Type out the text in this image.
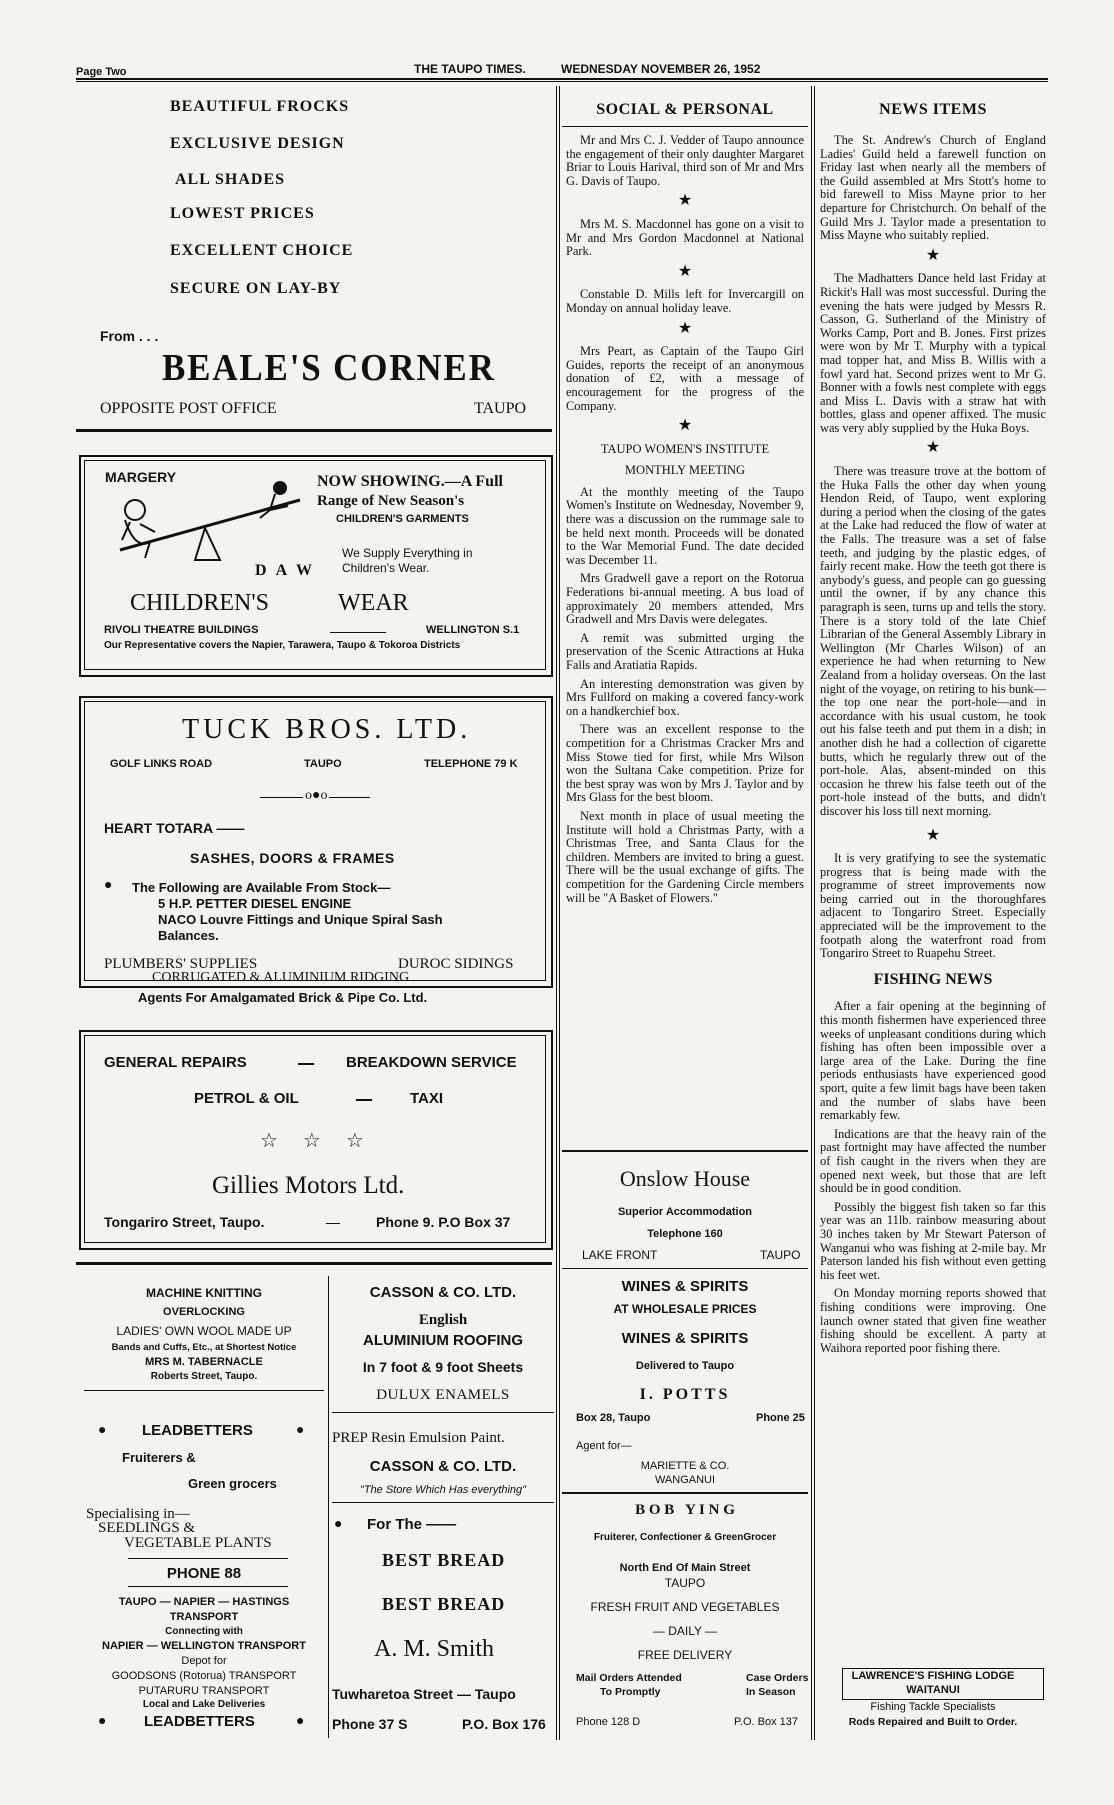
Page Two	THE TAUPO TIMES.	WEDNESDAY NOVEMBER 26, 1952
BEAUTIFUL FROCKS
EXCLUSIVE DESIGN
ALL SHADES
LOWEST PRICES
EXCELLENT CHOICE
SECURE ON LAY-BY
From . . .
BEALE'S CORNER
OPPOSITE POST OFFICE	TAUPO
MARGERY
D A W
NOW SHOWING.—A Full
Range of New Season's
CHILDREN'S GARMENTS
We Supply Everything in
Children's Wear.
CHILDREN'S	WEAR
RIVOLI THEATRE BUILDINGS	WELLINGTON S.1
Our Representative covers the Napier, Tarawera, Taupo & Tokoroa Districts
TUCK BROS. LTD.
GOLF LINKS ROAD	TAUPO	TELEPHONE 79 K
o●o
HEART TOTARA ——
SASHES, DOORS & FRAMES
● The Following are Available From Stock—
5 H.P. PETTER DIESEL ENGINE
NACO Louvre Fittings and Unique Spiral Sash
Balances.
PLUMBERS' SUPPLIES	DUROC SIDINGS
CORRUGATED & ALUMINIUM RIDGING
Agents For Amalgamated Brick & Pipe Co. Ltd.
GENERAL REPAIRS	BREAKDOWN SERVICE
PETROL & OIL	TAXI
☆     ☆     ☆
Gillies Motors Ltd.
Tongariro Street, Taupo.	Phone 9. P.O Box 37
MACHINE KNITTING
OVERLOCKING
LADIES' OWN WOOL MADE UP
Bands and Cuffs, Etc., at Shortest Notice
MRS M. TABERNACLE
Roberts Street, Taupo.
● LEADBETTERS	●
Fruiterers &
Green grocers
Specialising in—
SEEDLINGS &
VEGETABLE PLANTS
PHONE 88
TAUPO — NAPIER — HASTINGS
TRANSPORT
Connecting with
NAPIER — WELLINGTON TRANSPORT
Depot for
GOODSONS (Rotorua) TRANSPORT
PUTARURU TRANSPORT
Local and Lake Deliveries
●	LEADBETTERS	●
CASSON & CO. LTD.
English
ALUMINIUM ROOFING
In 7 foot & 9 foot Sheets
DULUX ENAMELS
PREP Resin Emulsion Paint.
CASSON & CO. LTD.
"The Store Which Has everything"
● For The ——
BEST BREAD
BEST BREAD
A. M. Smith
Tuwharetoa Street — Taupo
Phone 37 S	P.O. Box 176
SOCIAL & PERSONAL

Mr and Mrs C. J. Vedder of Taupo announce the engagement of their only daughter Margaret Briar to Louis Harival, third son of Mr and Mrs G. Davis of Taupo.

★

Mrs M. S. Macdonnel has gone on a visit to Mr and Mrs Gordon Macdonnel at National Park.

★

Constable D. Mills left for Invercargill on Monday on annual holiday leave.

★

Mrs Peart, as Captain of the Taupo Girl Guides, reports the receipt of an anonymous donation of £2, with a message of encouragement for the progress of the Company.

★
TAUPO WOMEN'S INSTITUTE
MONTHLY MEETING

At the monthly meeting of the Taupo Women's Institute on Wednesday, November 9, there was a discussion on the rummage sale to be held next month. Proceeds will be donated to the War Memorial Fund. The date decided was December 11.

Mrs Gradwell gave a report on the Rotorua Federations bi-annual meeting. A bus load of approximately 20 members attended, Mrs Gradwell and Mrs Davis were delegates.

A remit was submitted urging the preservation of the Scenic Attractions at Huka Falls and Aratiatia Rapids.

An interesting demonstration was given by Mrs Fullford on making a covered fancy-work on a handkerchief box.

There was an excellent response to the competition for a Christmas Cracker Mrs and Miss Stowe tied for first, while Mrs Wilson won the Sultana Cake competition. Prize for the best spray was won by Mrs J. Taylor and by Mrs Glass for the best bloom.

Next month in place of usual meeting the Institute will hold a Christmas Party, with a Christmas Tree, and Santa Claus for the children. Members are invited to bring a guest. There will be the usual exchange of gifts. The competition for the Gardening Circle members will be "A Basket of Flowers."

Onslow House
Superior Accommodation
Telephone 160
LAKE FRONT	TAUPO
WINES & SPIRITS
AT WHOLESALE PRICES
WINES & SPIRITS
Delivered to Taupo
I. POTTS
Box 28, Taupo	Phone 25
Agent for—
MARIETTE & CO.
WANGANUI
B O B   Y I N G
Fruiterer, Confectioner & GreenGrocer
North End Of Main Street
TAUPO
FRESH FRUIT AND VEGETABLES
— DAILY —
FREE DELIVERY
Mail Orders Attended
To Promptly
Case Orders
In Season
Phone 128 D	P.O. Box 137
NEWS ITEMS

The St. Andrew's Church of England Ladies' Guild held a farewell function on Friday last when nearly all the members of the Guild assembled at Mrs Stott's home to bid farewell to Miss Mayne prior to her departure for Christchurch. On behalf of the Guild Mrs J. Taylor made a presentation to Miss Mayne who suitably replied.

★

The Madhatters Dance held last Friday at Rickit's Hall was most successful. During the evening the hats were judged by Messrs R. Casson, G. Sutherland of the Ministry of Works Camp, Port and B. Jones. First prizes were won by Mr T. Murphy with a typical mad topper hat, and Miss B. Willis with a fowl yard hat. Second prizes went to Mr G. Bonner with a fowls nest complete with eggs and Miss L. Davis with a straw hat with bottles, glass and opener affixed. The music was very ably supplied by the Huka Boys.

★

There was treasure trove at the bottom of the Huka Falls the other day when young Hendon Reid, of Taupo, went exploring during a period when the closing of the gates at the Lake had reduced the flow of water at the Falls. The treasure was a set of false teeth, and judging by the plastic edges, of fairly recent make. How the teeth got there is anybody's guess, and people can go guessing until the owner, if by any chance this paragraph is seen, turns up and tells the story. There is a story told of the late Chief Librarian of the General Assembly Library in Wellington (Mr Charles Wilson) of an experience he had when returning to New Zealand from a holiday overseas. On the last night of the voyage, on retiring to his bunk—the top one near the port-hole—and in accordance with his usual custom, he took out his false teeth and put them in a dish; in another dish he had a collection of cigarette butts, which he regularly threw out of the port-hole. Alas, absent-minded on this occasion he threw his false teeth out of the port-hole instead of the butts, and didn't discover his loss till next morning.

★

It is very gratifying to see the systematic progress that is being made with the programme of street improvements now being carried out in the thoroughfares adjacent to Tongariro Street. Especially appreciated will be the improvement to the footpath along the waterfront road from Tongariro Street to Ruapehu Street.

FISHING NEWS

After a fair opening at the beginning of this month fishermen have experienced three weeks of unpleasant conditions during which fishing has often been impossible over a large area of the Lake. During the fine periods enthusiasts have experienced good sport, quite a few limit bags have been taken and the number of slabs have been remarkably few.

Indications are that the heavy rain of the past fortnight may have affected the number of fish caught in the rivers when they are opened next week, but those that are left should be in good condition.

Possibly the biggest fish taken so far this year was an 11lb. rainbow measuring about 30 inches taken by Mr Stewart Paterson of Wanganui who was fishing at 2-mile bay. Mr Paterson landed his fish without even getting his feet wet.

On Monday morning reports showed that fishing conditions were improving. One launch owner stated that given fine weather fishing should be excellent. A party at Waihora reported poor fishing there.

LAWRENCE'S FISHING LODGE
WAITANUI
Fishing Tackle Specialists
Rods Repaired and Built to Order.
